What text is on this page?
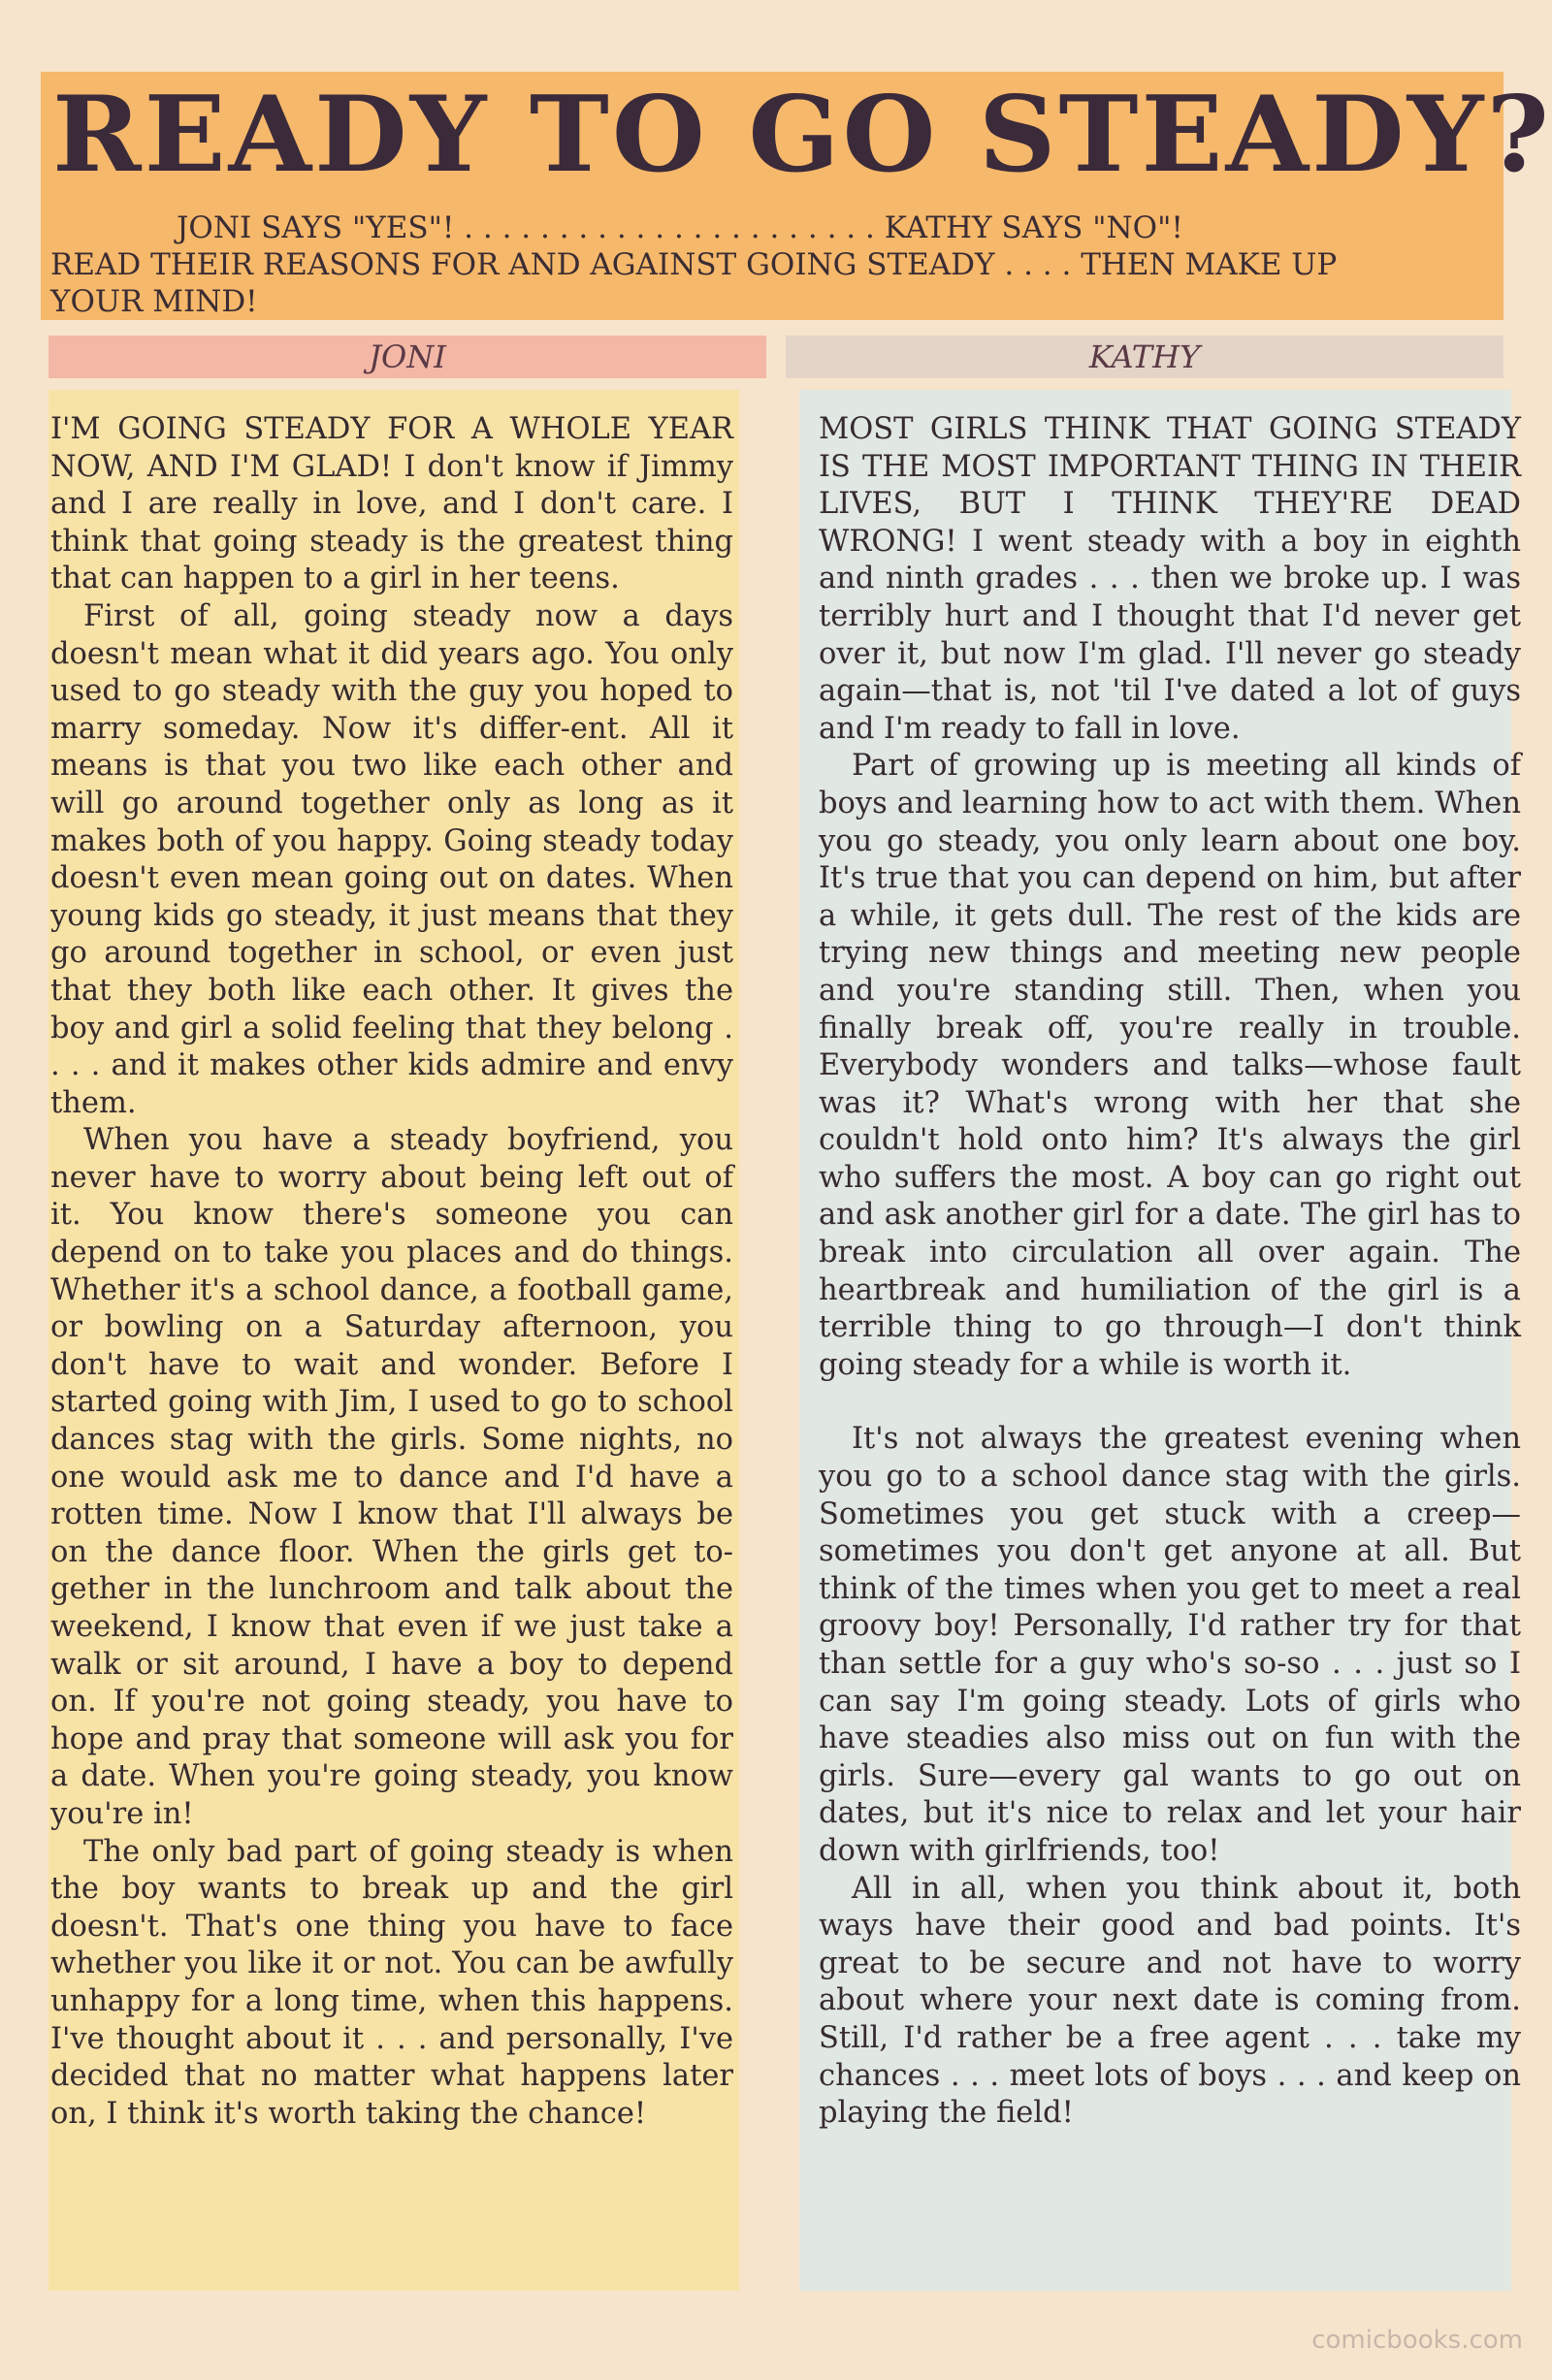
READY TO GO STEADY?
JONI SAYS "YES"! . . . . . . . . . . . . . . . . . . . . . . KATHY SAYS "NO"!
READ THEIR REASONS FOR AND AGAINST GOING STEADY . . . . THEN MAKE UP
YOUR MIND!
JONI	KATHY

I'M GOING STEADY FOR A WHOLE YEAR NOW, AND I'M GLAD! I don't know if Jimmy and I are really in love, and I don't care. I think that going steady is the greatest thing that can happen to a girl in her teens.

First of all, going steady now a days doesn't mean what it did years ago. You only used to go steady with the guy you hoped to marry someday. Now it's differ-ent. All it means is that you two like each other and will go around together only as long as it makes both of you happy. Going steady today doesn't even mean going out on dates. When young kids go steady, it just means that they go around together in school, or even just that they both like each other. It gives the boy and girl a solid feeling that they belong . . . . and it makes other kids admire and envy them.

When you have a steady boyfriend, you never have to worry about being left out of it. You know there's someone you can depend on to take you places and do things. Whether it's a school dance, a football game, or bowling on a Saturday afternoon, you don't have to wait and wonder. Before I started going with Jim, I used to go to school dances stag with the girls. Some nights, no one would ask me to dance and I'd have a rotten time. Now I know that I'll always be on the dance floor. When the girls get to-gether in the lunchroom and talk about the weekend, I know that even if we just take a walk or sit around, I have a boy to depend on. If you're not going steady, you have to hope and pray that someone will ask you for a date. When you're going steady, you know you're in!

The only bad part of going steady is when the boy wants to break up and the girl doesn't. That's one thing you have to face whether you like it or not. You can be awfully unhappy for a long time, when this happens. I've thought about it . . . and personally, I've decided that no matter what happens later on, I think it's worth taking the chance!

MOST GIRLS THINK THAT GOING STEADY IS THE MOST IMPORTANT THING IN THEIR LIVES, BUT I THINK THEY'RE DEAD WRONG! I went steady with a boy in eighth and ninth grades . . . then we broke up. I was terribly hurt and I thought that I'd never get over it, but now I'm glad. I'll never go steady again—that is, not 'til I've dated a lot of guys and I'm ready to fall in love.

Part of growing up is meeting all kinds of boys and learning how to act with them. When you go steady, you only learn about one boy. It's true that you can depend on him, but after a while, it gets dull. The rest of the kids are trying new things and meeting new people and you're standing still. Then, when you finally break off, you're really in trouble. Everybody wonders and talks—whose fault was it? What's wrong with her that she couldn't hold onto him? It's always the girl who suffers the most. A boy can go right out and ask another girl for a date. The girl has to break into circulation all over again. The heartbreak and humiliation of the girl is a terrible thing to go through—I don't think going steady for a while is worth it.

It's not always the greatest evening when you go to a school dance stag with the girls. Sometimes you get stuck with a creep—sometimes you don't get anyone at all. But think of the times when you get to meet a real groovy boy! Personally, I'd rather try for that than settle for a guy who's so-so . . . just so I can say I'm going steady. Lots of girls who have steadies also miss out on fun with the girls. Sure—every gal wants to go out on dates, but it's nice to relax and let your hair down with girlfriends, too!

All in all, when you think about it, both ways have their good and bad points. It's great to be secure and not have to worry about where your next date is coming from. Still, I'd rather be a free agent . . . take my chances . . . meet lots of boys . . . and keep on playing the field!

comicbooks.com
